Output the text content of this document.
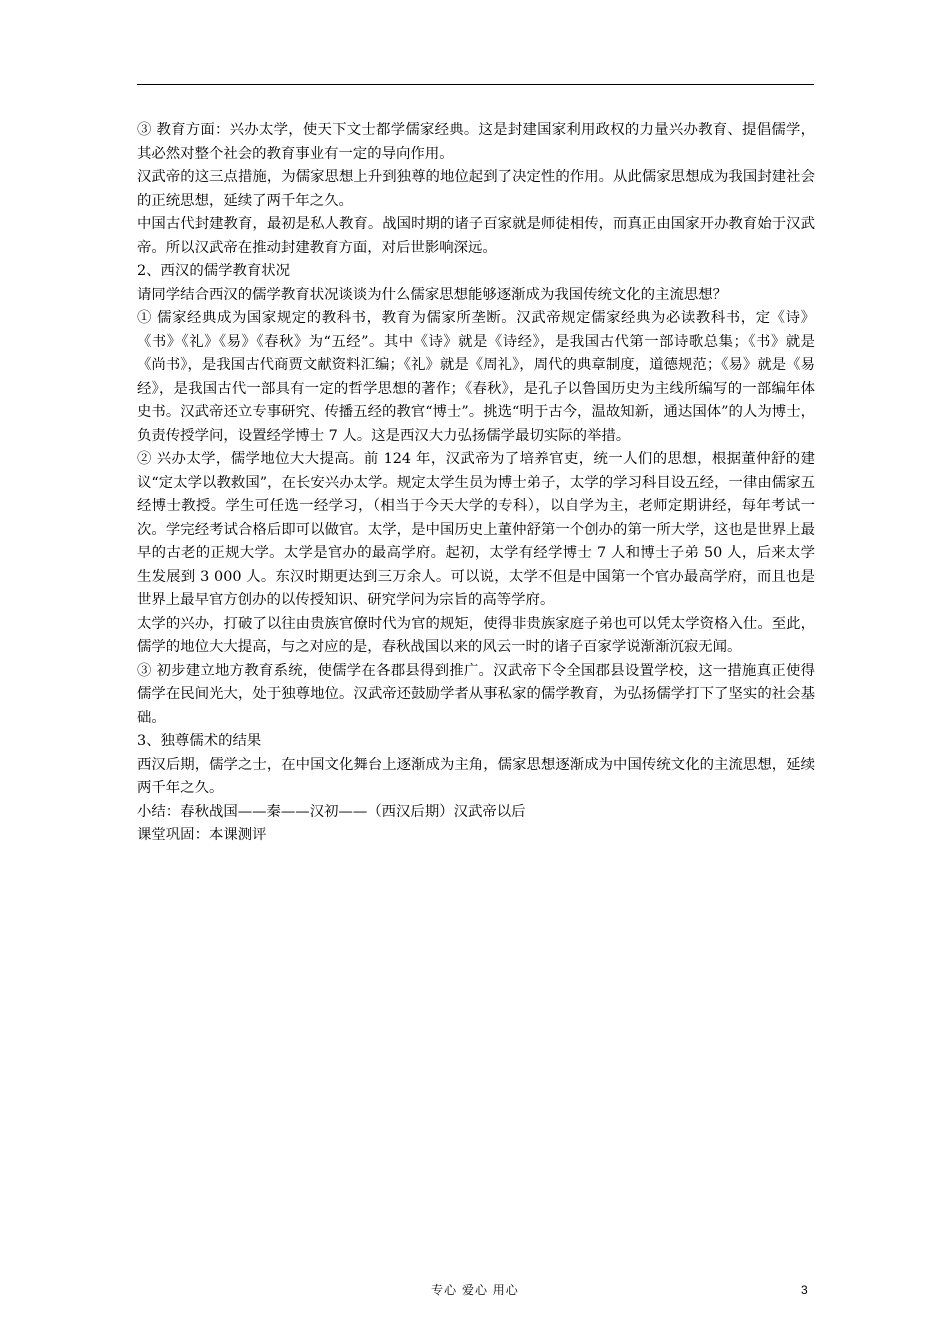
③ 教育方面：兴办太学，使天下文士都学儒家经典。这是封建国家利用政权的力量兴办教育、提倡儒学，其必然对整个社会的教育事业有一定的导向作用。

汉武帝的这三点措施，为儒家思想上升到独尊的地位起到了决定性的作用。从此儒家思想成为我国封建社会的正统思想，延续了两千年之久。

中国古代封建教育，最初是私人教育。战国时期的诸子百家就是师徒相传，而真正由国家开办教育始于汉武帝。所以汉武帝在推动封建教育方面，对后世影响深远。

2、西汉的儒学教育状况

请同学结合西汉的儒学教育状况谈谈为什么儒家思想能够逐渐成为我国传统文化的主流思想？

① 儒家经典成为国家规定的教科书，教育为儒家所垄断。汉武帝规定儒家经典为必读教科书，定《诗》《书》《礼》《易》《春秋》为“五经”。其中《诗》就是《诗经》，是我国古代第一部诗歌总集；《书》就是《尚书》，是我国古代商贾文献资料汇编；《礼》就是《周礼》，周代的典章制度，道德规范；《易》就是《易经》，是我国古代一部具有一定的哲学思想的著作；《春秋》，是孔子以鲁国历史为主线所编写的一部编年体史书。汉武帝还立专事研究、传播五经的教官“博士”。挑选“明于古今，温故知新，通达国体”的人为博士，负责传授学问，设置经学博士 7 人。这是西汉大力弘扬儒学最切实际的举措。

② 兴办太学，儒学地位大大提高。前 124 年，汉武帝为了培养官吏，统一人们的思想，根据董仲舒的建议“定太学以教救国”，在长安兴办太学。规定太学生员为博士弟子，太学的学习科目设五经，一律由儒家五经博士教授。学生可任选一经学习，（相当于今天大学的专科），以自学为主，老师定期讲经，每年考试一次。学完经考试合格后即可以做官。太学，是中国历史上董仲舒第一个创办的第一所大学，这也是世界上最早的古老的正规大学。太学是官办的最高学府。起初，太学有经学博士 7 人和博士子弟 50 人，后来太学生发展到 3 000 人。东汉时期更达到三万余人。可以说，太学不但是中国第一个官办最高学府，而且也是世界上最早官方创办的以传授知识、研究学问为宗旨的高等学府。

太学的兴办，打破了以往由贵族官僚时代为官的规矩，使得非贵族家庭子弟也可以凭太学资格入仕。至此，儒学的地位大大提高，与之对应的是，春秋战国以来的风云一时的诸子百家学说渐渐沉寂无闻。

③ 初步建立地方教育系统，使儒学在各郡县得到推广。汉武帝下令全国郡县设置学校，这一措施真正使得儒学在民间光大，处于独尊地位。汉武帝还鼓励学者从事私家的儒学教育，为弘扬儒学打下了坚实的社会基础。

3、独尊儒术的结果

西汉后期，儒学之士，在中国文化舞台上逐渐成为主角，儒家思想逐渐成为中国传统文化的主流思想，延续两千年之久。

小结：春秋战国——秦——汉初——（西汉后期）汉武帝以后

课堂巩固：本课测评

专心 爱心 用心	3
